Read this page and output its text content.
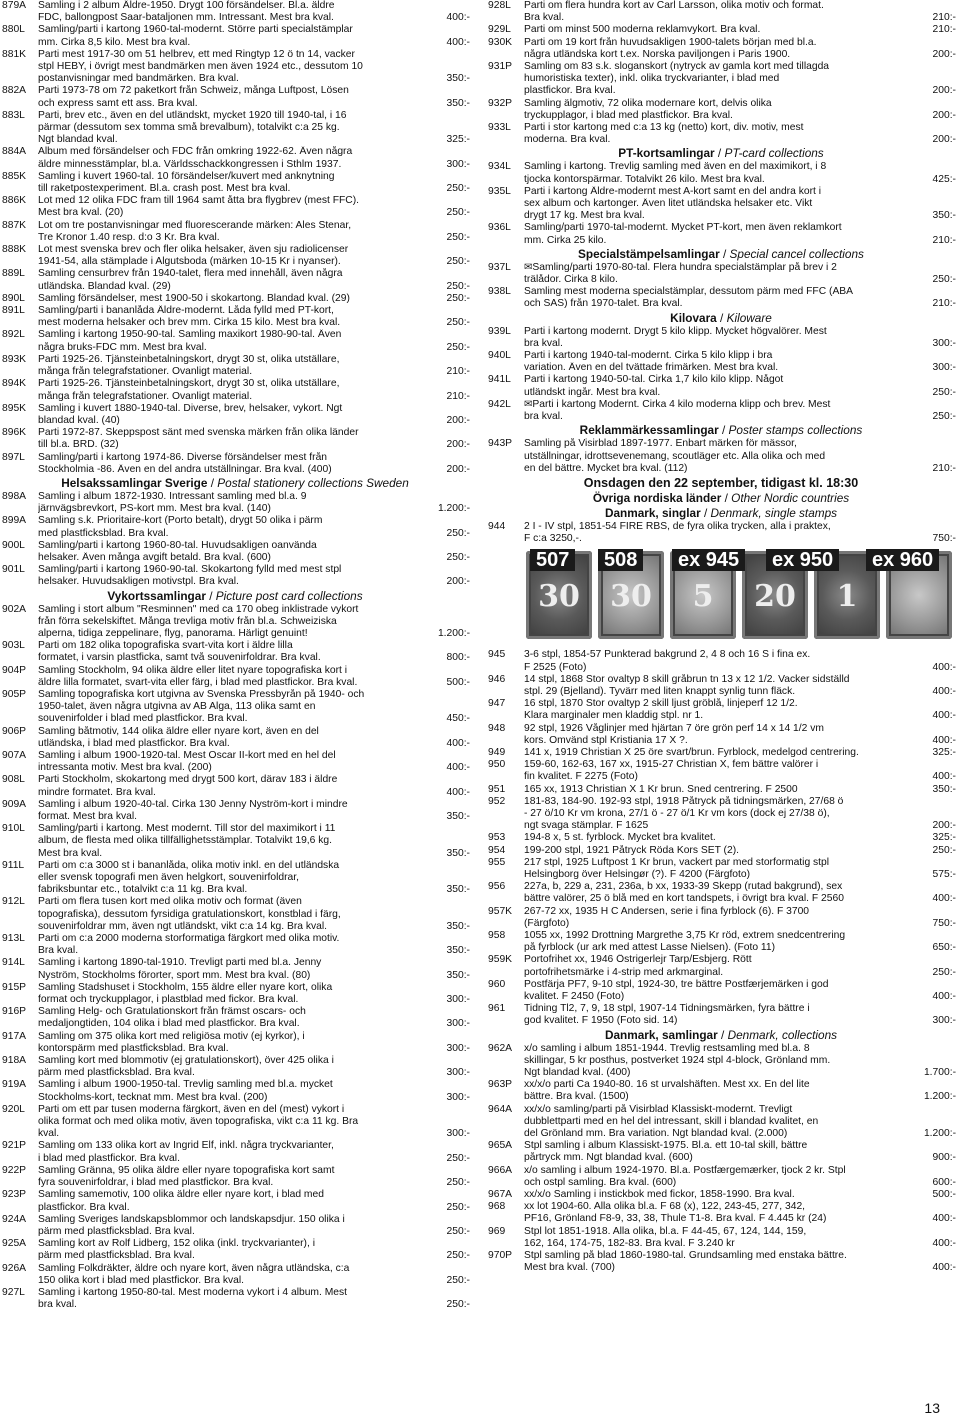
879A	Samling i 2 album Äldre-1950. Drygt 100 försändelser. Bl.a. äldre
FDC, ballongpost Saar-bataljonen mm. Intressant. Mest bra kval.	400:-
880L	Samling/parti i kartong 1960-tal-modernt. Större parti specialstämplar
mm. Cirka 8,5 kilo. Mest bra kval.	400:-
881K	Parti mest 1917-30 om 51 helbrev, ett med Ringtyp 12 ö tn 14, vacker
stpl HEBY, i övrigt mest bandmärken men även 1924 etc., dessutom 10
postanvisningar med bandmärken. Bra kval.	350:-
882A	Parti 1973-78 om 72 paketkort från Schweiz, många Luftpost, Lösen
och express samt ett ass. Bra kval.	350:-
883L	Parti, brev etc., även en del utländskt, mycket 1920 till 1940-tal, i 16
pärmar (dessutom sex tomma små brevalbum), totalvikt c:a 25 kg.
Ngt blandad kval.	325:-
884A	Album med försändelser och FDC från omkring 1922-62. Även några
äldre minnesstämplar, bl.a. Världsschackkongressen i Sthlm 1937.	300:-
885K	Samling i kuvert 1960-tal. 10 försändelser/kuvert med anknytning
till raketpostexperiment. Bl.a. crash post. Mest bra kval.	250:-
886K	Lot med 12 olika FDC fram till 1964 samt åtta bra flygbrev (mest FFC).
Mest bra kval. (20)	250:-
887K	Lot om tre postanvisningar med fluorescerande märken: Ales Stenar,
Tre Kronor 1.40 resp. d:o 3 Kr. Bra kval.	250:-
888K	Lot mest svenska brev och fler olika helsaker, även sju radiolicenser
1941-54, alla stämplade i Algutsboda (märken 10-15 Kr i nyanser).	250:-
889L	Samling censurbrev från 1940-talet, flera med innehåll, även några
utländska. Blandad kval. (29)	250:-
890L	Samling försändelser, mest 1900-50 i skokartong. Blandad kval. (29)	250:-
891L	Samling/parti i bananlåda Äldre-modernt. Låda fylld med PT-kort,
mest moderna helsaker och brev mm. Cirka 15 kilo. Mest bra kval.	250:-
892L	Samling i kartong 1950-90-tal. Samling maxikort 1980-90-tal. Även
några bruks-FDC mm. Mest bra kval.	250:-
893K	Parti 1925-26. Tjänsteinbetalningskort, drygt 30 st, olika utställare,
många från telegrafstationer. Ovanligt material.	210:-
894K	Parti 1925-26. Tjänsteinbetalningskort, drygt 30 st, olika utställare,
många från telegrafstationer. Ovanligt material.	210:-
895K	Samling i kuvert 1880-1940-tal. Diverse, brev, helsaker, vykort. Ngt
blandad kval. (40)	200:-
896K	Parti 1972-87. Skeppspost sänt med svenska märken från olika länder
till bl.a. BRD. (32)	200:-
897L	Samling/parti i kartong 1974-86. Diverse försändelser mest från
Stockholmia -86. Även en del andra utställningar. Bra kval. (400)	200:-
Helsakssamlingar Sverige / Postal stationery collections Sweden
898A	Samling i album 1872-1930. Intressant samling med bl.a. 9
järnvägsbrevkort, PS-kort mm. Mest bra kval. (140)	1.200:-
899A	Samling s.k. Prioritaire-kort (Porto betalt), drygt 50 olika i pärm
med plastficksblad. Bra kval.	250:-
900L	Samling/parti i kartong 1960-80-tal. Huvudsakligen oanvända
helsaker. Även många avgift betald. Bra kval. (600)	250:-
901L	Samling/parti i kartong 1960-90-tal. Skokartong fylld med mest stpl
helsaker. Huvudsakligen motivstpl. Bra kval.	200:-
Vykortssamlingar / Picture post card collections
902A	Samling i stort album "Resminnen" med ca 170 obeg inklistrade vykort
från förra sekelskiftet. Många trevliga motiv från bl.a. Schweiziska
alperna, tidiga zeppelinare, flyg, panorama. Härligt genuint!	1.200:-
903L	Parti om 182 olika topografiska svart-vita kort i äldre lilla
formatet, i varsin plastficka, samt två souvenirfoldrar. Bra kval.	800:-
904P	Samling Stockholm, 94 olika äldre eller litet nyare topografiska kort i
äldre lilla formatet, svart-vita eller färg, i blad med plastfickor. Bra kval.	500:-
905P	Samling topografiska kort utgivna av Svenska Pressbyrån på 1940- och
1950-talet, även några utgivna av AB Alga, 113 olika samt en
souvenirfolder i blad med plastfickor. Bra kval.	450:-
906P	Samling båtmotiv, 144 olika äldre eller nyare kort, även en del
utländska, i blad med plastfickor. Bra kval.	400:-
907A	Samling i album 1900-1920-tal. Mest Oscar II-kort med en hel del
intressanta motiv. Mest bra kval. (200)	400:-
908L	Parti Stockholm, skokartong med drygt 500 kort, därav 183 i äldre
mindre formatet. Bra kval.	400:-
909A	Samling i album 1920-40-tal. Cirka 130 Jenny Nyström-kort i mindre
format. Mest bra kval.	350:-
910L	Samling/parti i kartong. Mest modernt. Till stor del maximikort i 11
album, de flesta med olika tillfällighetsstämplar. Totalvikt 19,6 kg.
Mest bra kval.	350:-
911L	Parti om c:a 3000 st i bananlåda, olika motiv inkl. en del utländska
eller svensk topografi men även helgkort, souvenirfoldrar,
fabriksbuntar etc., totalvikt c:a 11 kg. Bra kval.	350:-
912L	Parti om flera tusen kort med olika motiv och format (även
topografiska), dessutom fyrsidiga gratulationskort, konstblad i färg,
souvenirfoldrar mm, även ngt utländskt, vikt c:a 14 kg. Bra kval.	350:-
913L	Parti om c:a 2000 moderna storformatiga färgkort med olika motiv.
Bra kval.	350:-
914L	Samling i kartong 1890-tal-1910. Trevligt parti med bl.a. Jenny
Nyström, Stockholms förorter, sport mm. Mest bra kval. (80)	350:-
915P	Samling Stadshuset i Stockholm, 155 äldre eller nyare kort, olika
format och tryckupplagor, i plastblad med fickor. Bra kval.	300:-
916P	Samling Helg- och Gratulationskort från främst oscars- och
medaljongtiden, 104 olika i blad med plastfickor. Bra kval.	300:-
917A	Samling om 375 olika kort med religiösa motiv (ej kyrkor), i
kontorspärm med plastficksblad. Bra kval.	300:-
918A	Samling kort med blommotiv (ej gratulationskort), över 425 olika i
pärm med plastficksblad. Bra kval.	300:-
919A	Samling i album 1900-1950-tal. Trevlig samling med bl.a. mycket
Stockholms-kort, tecknat mm. Mest bra kval. (200)	300:-
920L	Parti om ett par tusen moderna färgkort, även en del (mest) vykort i
olika format och med olika motiv, även topografiska, vikt c:a 11 kg. Bra
kval.	300:-
921P	Samling om 133 olika kort av Ingrid Elf, inkl. några tryckvarianter,
i blad med plastfickor. Bra kval.	250:-
922P	Samling Gränna, 95 olika äldre eller nyare topografiska kort samt
fyra souvenirfoldrar, i blad med plastfickor. Bra kval.	250:-
923P	Samling samemotiv, 100 olika äldre eller nyare kort, i blad med
plastfickor. Bra kval.	250:-
924A	Samling Sveriges landskapsblommor och landskapsdjur. 150 olika i
pärm med plastficksblad. Bra kval.	250:-
925A	Samling kort av Rolf Lidberg, 152 olika (inkl. tryckvarianter), i
pärm med plastficksblad. Bra kval.	250:-
926A	Samling Folkdräkter, äldre och nyare kort, även några utländska, c:a
150 olika kort i blad med plastfickor. Bra kval.	250:-
927L	Samling i kartong 1950-80-tal. Mest moderna vykort i 4 album. Mest
bra kval.	250:-
928L	Parti om flera hundra kort av Carl Larsson, olika motiv och format.
Bra kval.	210:-
929L	Parti om minst 500 moderna reklamvykort. Bra kval.	210:-
930K	Parti om 19 kort från huvudsakligen 1900-talets början med bl.a.
några utländska kort t.ex. Norska paviljongen i Paris 1900.	200:-
931P	Samling om 83 s.k. sloganskort (nytryck av gamla kort med tillagda
humoristiska texter), inkl. olika tryckvarianter, i blad med
plastfickor. Bra kval.	200:-
932P	Samling älgmotiv, 72 olika modernare kort, delvis olika
tryckupplagor, i blad med plastfickor. Bra kval.	200:-
933L	Parti i stor kartong med c:a 13 kg (netto) kort, div. motiv, mest
moderna. Bra kval.	200:-
PT-kortsamlingar / PT-card collections
934L	Samling i kartong. Trevlig samling med även en del maximikort, i 8
tjocka kontorspärmar. Totalvikt 26 kilo. Mest bra kval.	425:-
935L	Parti i kartong Äldre-modernt mest A-kort samt en del andra kort i
sex album och kartonger. Även litet utländska helsaker etc. Vikt
drygt 17 kg. Mest bra kval.	350:-
936L	Samling/parti 1970-tal-modernt. Mycket PT-kort, men även reklamkort
mm. Cirka 25 kilo.	210:-
Specialstämpelsamlingar / Special cancel collections
937L	✉Samling/parti 1970-80-tal. Flera hundra specialstämplar på brev i 2
trälådor. Cirka 8 kilo.	250:-
938L	Samling mest moderna specialstämplar, dessutom pärm med FFC (ABA
och SAS) från 1970-talet. Bra kval.	210:-
Kilovara / Kiloware
939L	Parti i kartong modernt. Drygt 5 kilo klipp. Mycket högvalörer. Mest
bra kval.	300:-
940L	Parti i kartong 1940-tal-modernt. Cirka 5 kilo klipp i bra
variation. Även en del tvättade frimärken. Mest bra kval.	300:-
941L	Parti i kartong 1940-50-tal. Cirka 1,7 kilo kilo klipp. Något
utländskt ingår. Mest bra kval.	250:-
942L	✉Parti i kartong Modernt. Cirka 4 kilo moderna klipp och brev. Mest
bra kval.	250:-
Reklammärkessamlingar / Poster stamps collections
943P	Samling på Visirblad 1897-1977. Enbart märken för mässor,
utställningar, idrottsevenemang, scoutläger etc. Alla olika och med
en del bättre. Mycket bra kval. (112)	210:-
Onsdagen den 22 september, tidigast kl. 18:30
Övriga nordiska länder / Other Nordic countries
Danmark, singlar / Denmark, single stamps
944	2 I - IV stpl, 1851-54 FIRE RBS, de fyra olika trycken, alla i praktex,
F c:a 3250,-.	750:-
30	30	5	20	1
507	508	ex 945	ex 950	ex 960
945	3-6 stpl, 1854-57 Punkterad bakgrund 2, 4 8 och 16 S i fina ex.
F 2525 (Foto)	400:-
946	14 stpl, 1868 Stor ovaltyp 8 skill gråbrun tn 13 x 12 1/2. Vacker sidställd
stpl. 29 (Bjelland). Tyvärr med liten knappt synlig tunn fläck.	400:-
947	16 stpl, 1870 Stor ovaltyp 2 skill ljust gröblå, linjeperf 12 1/2.
Klara marginaler men kladdig stpl. nr 1.	400:-
948	92 stpl, 1926 Våglinjer med hjärtan 7 öre grön perf 14 x 14 1/2 vm
kors. Omvänd stpl Kristiania 17 X ?.	400:-
949	141 x, 1919 Christian X 25 öre svart/brun. Fyrblock, medelgod centrering.	325:-
950	159-60, 162-63, 167 xx, 1915-27 Christian X, fem bättre valörer i
fin kvalitet. F 2275 (Foto)	400:-
951	165 xx, 1913 Christian X 1 Kr brun. Sned centrering. F 2500	350:-
952	181-83, 184-90. 192-93 stpl, 1918 Påtryck på tidningsmärken, 27/68 ö
- 27 ö/10 Kr vm krona, 27/1 ö - 27 ö/1 Kr vm kors (dock ej 27/38 ö),
ngt svaga stämplar. F 1625	200:-
953	194-8 x, 5 st. fyrblock. Mycket bra kvalitet.	325:-
954	199-200 stpl, 1921 Påtryck Röda Kors SET (2).	250:-
955	217 stpl, 1925 Luftpost 1 Kr brun, vackert par med storformatig stpl
Helsingborg över Helsingør (?). F 4200 (Färgfoto)	575:-
956	227a, b, 229 a, 231, 236a, b xx, 1933-39 Skepp (rutad bakgrund), sex
bättre valörer, 25 ö blå med en kort tandspets, i övrigt bra kval. F 2560	400:-
957K	267-72 xx, 1935 H C Andersen, serie i fina fyrblock (6). F 3700
(Färgfoto)	750:-
958	1055 xx, 1992 Drottning Margrethe 3,75 Kr röd, extrem snedcentrering
på fyrblock (ur ark med attest Lasse Nielsen). (Foto 11)	650:-
959K	Portofrihet xx, 1946 Östrigerlejr Tarp/Esbjerg. Rött
portofrihetsmärke i 4-strip med arkmarginal.	250:-
960	Postfärja PF7, 9-10 stpl, 1924-30, tre bättre Postfærjemärken i god
kvalitet. F 2450 (Foto)	400:-
961	Tidning Tl2, 7, 9, 18 stpl, 1907-14 Tidningsmärken, fyra bättre i
god kvalitet. F 1950 (Foto sid. 14)	300:-
Danmark, samlingar / Denmark, collections
962A	x/o samling i album 1851-1944. Trevlig restsamling med bl.a. 8
skillingar, 5 kr posthus, postverket 1924 stpl 4-block, Grönland mm.
Ngt blandad kval. (400)	1.700:-
963P	xx/x/o parti Ca 1940-80. 16 st urvalshäften. Mest xx. En del lite
bättre. Bra kval. (1500)	1.200:-
964A	xx/x/o samling/parti på Visirblad Klassiskt-modernt. Trevligt
dubblettparti med en hel del intressant, skill i blandad kvalitet, en
del Grönland mm. Bra variation. Ngt blandad kval. (2.000)	1.200:-
965A	Stpl samling i album Klassiskt-1975. Bl.a. ett 10-tal skill, bättre
pårtryck mm. Ngt blandad kval. (600)	900:-
966A	x/o samling i album 1924-1970. Bl.a. Postfærgemærker, tjock 2 kr. Stpl
och ostpl samling. Bra kval. (600)	600:-
967A	xx/x/o Samling i instickbok med fickor, 1858-1990. Bra kval.	500:-
968	xx lot 1904-60. Alla olika bl.a. F 68 (x), 122, 243-45, 277, 342,
PF16, Grönland F8-9, 33, 38, Thule T1-8. Bra kval. F 4.445 kr (24)	400:-
969	Stpl lot 1851-1918. Alla olika, bl.a. F 44-45, 67, 124, 144, 159,
162, 164, 174-75, 182-83. Bra kval. F 3.240 kr	400:-
970P	Stpl samling på blad 1860-1980-tal. Grundsamling med enstaka bättre.
Mest bra kval. (700)	400:-
13
